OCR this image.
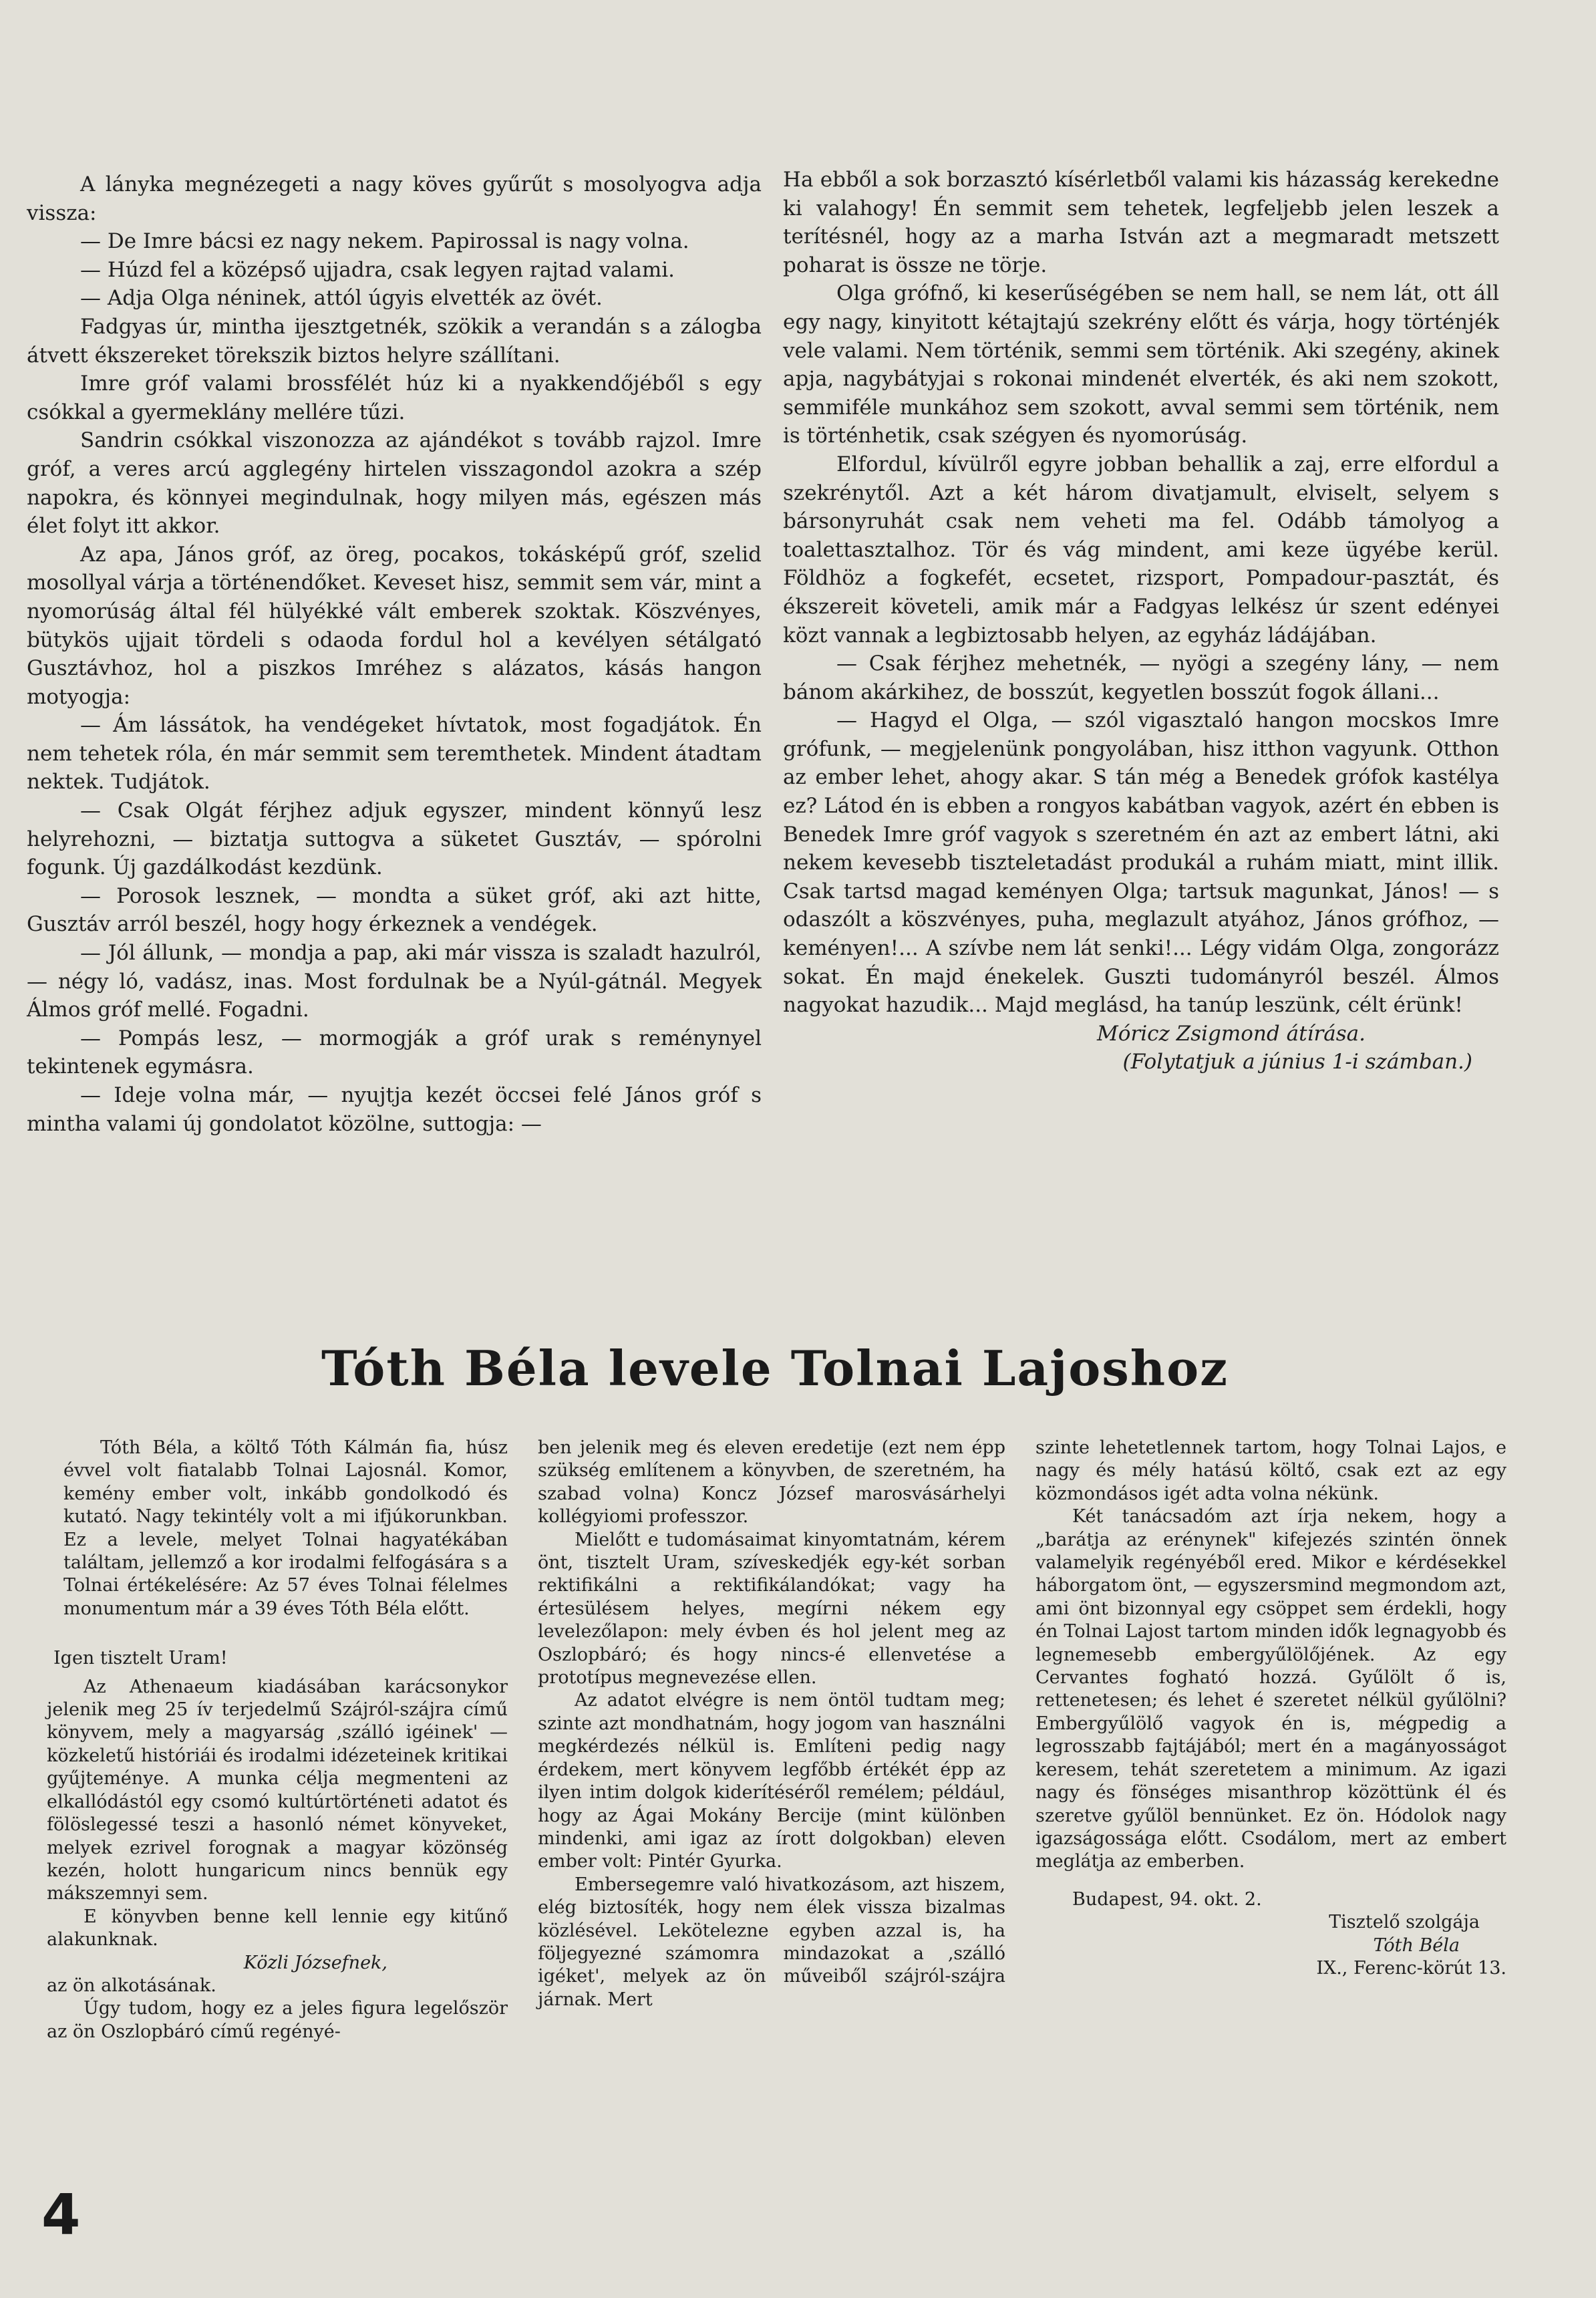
A lányka megnézegeti a nagy köves gyűrűt s mosolyogva adja vissza:

— De Imre bácsi ez nagy nekem. Papirossal is nagy volna.

— Húzd fel a középső ujjadra, csak legyen rajtad valami.

— Adja Olga néninek, attól úgyis elvették az övét.

Fadgyas úr, mintha ijesztgetnék, szökik a verandán s a zálogba átvett ékszereket törekszik biztos helyre szállítani.

Imre gróf valami brossfélét húz ki a nyakkendőjéből s egy csókkal a gyermeklány mellére tűzi.

Sandrin csókkal viszonozza az ajándékot s tovább rajzol. Imre gróf, a veres arcú agglegény hirtelen visszagondol azokra a szép napokra, és könnyei megindulnak, hogy milyen más, egészen más élet folyt itt akkor.

Az apa, János gróf, az öreg, pocakos, tokásképű gróf, szelid mosollyal várja a történendőket. Keveset hisz, semmit sem vár, mint a nyomorúság által fél hülyékké vált emberek szoktak. Köszvényes, bütykös ujjait tördeli s odaoda fordul hol a kevélyen sétálgató Gusztávhoz, hol a piszkos Imréhez s alázatos, kásás hangon motyogja:

— Ám lássátok, ha vendégeket hívtatok, most fogadjátok. Én nem tehetek róla, én már semmit sem teremthetek. Mindent átadtam nektek. Tudjátok.

— Csak Olgát férjhez adjuk egyszer, mindent könnyű lesz helyrehozni, — biztatja suttogva a süketet Gusztáv, — spórolni fogunk. Új gazdálkodást kezdünk.

— Porosok lesznek, — mondta a süket gróf, aki azt hitte, Gusztáv arról beszél, hogy hogy érkeznek a vendégek.

— Jól állunk, — mondja a pap, aki már vissza is szaladt hazulról, — négy ló, vadász, inas. Most fordulnak be a Nyúl-gátnál. Megyek Álmos gróf mellé. Fogadni.

— Pompás lesz, — mormogják a gróf urak s reménynyel tekintenek egymásra.

— Ideje volna már, — nyujtja kezét öccsei felé János gróf s mintha valami új gondolatot közölne, suttogja: —

Ha ebből a sok borzasztó kísérletből valami kis házasság kerekedne ki valahogy! Én semmit sem tehetek, legfeljebb jelen leszek a terítésnél, hogy az a marha István azt a megmaradt metszett poharat is össze ne törje.

Olga grófnő, ki keserűségében se nem hall, se nem lát, ott áll egy nagy, kinyitott kétajtajú szekrény előtt és várja, hogy történjék vele valami. Nem történik, semmi sem történik. Aki szegény, akinek apja, nagybátyjai s rokonai mindenét elverték, és aki nem szokott, semmiféle munkához sem szokott, avval semmi sem történik, nem is történhetik, csak szégyen és nyomorúság.

Elfordul, kívülről egyre jobban behallik a zaj, erre elfordul a szekrénytől. Azt a két három divatjamult, elviselt, selyem s bársonyruhát csak nem veheti ma fel. Odább támolyog a toalettasztalhoz. Tör és vág mindent, ami keze ügyébe kerül. Földhöz a fogkefét, ecsetet, rizsport, Pompadour-pasztát, és ékszereit követeli, amik már a Fadgyas lelkész úr szent edényei közt vannak a legbiztosabb helyen, az egyház ládájában.

— Csak férjhez mehetnék, — nyögi a szegény lány, — nem bánom akárkihez, de bosszút, kegyetlen bosszút fogok állani...

— Hagyd el Olga, — szól vigasztaló hangon mocskos Imre grófunk, — megjelenünk pongyolában, hisz itthon vagyunk. Otthon az ember lehet, ahogy akar. S tán még a Benedek grófok kastélya ez? Látod én is ebben a rongyos kabátban vagyok, azért én ebben is Benedek Imre gróf vagyok s szeretném én azt az embert látni, aki nekem kevesebb tiszteletadást produkál a ruhám miatt, mint illik. Csak tartsd magad keményen Olga; tartsuk magunkat, János! — s odaszólt a köszvényes, puha, meglazult atyához, János grófhoz, — keményen!... A szívbe nem lát senki!... Légy vidám Olga, zongorázz sokat. Én majd énekelek. Guszti tudományról beszél. Álmos nagyokat hazudik... Majd meglásd, ha tanúp leszünk, célt érünk!

Móricz Zsigmond átírása.

(Folytatjuk a június 1-i számban.)

Tóth Béla levele Tolnai Lajoshoz

Tóth Béla, a költő Tóth Kálmán fia, húsz évvel volt fiatalabb Tolnai Lajosnál. Komor, kemény ember volt, inkább gondolkodó és kutató. Nagy tekintély volt a mi ifjúkorunkban. Ez a levele, melyet Tolnai hagyatékában találtam, jellemző a kor irodalmi felfogására s a Tolnai értékelésére: Az 57 éves Tolnai félelmes monumentum már a 39 éves Tóth Béla előtt.

Igen tisztelt Uram!

Az Athenaeum kiadásában karácsonykor jelenik meg 25 ív terjedelmű Szájról-szájra című könyvem, mely a magyarság ‚szálló igéinek' — közkeletű históriái és irodalmi idézeteinek kritikai gyűjteménye. A munka célja megmenteni az elkallódástól egy csomó kultúrtörténeti adatot és fölöslegessé teszi a hasonló német könyveket, melyek ezrivel forognak a magyar közönség kezén, holott hungaricum nincs bennük egy mákszemnyi sem.

E könyvben benne kell lennie egy kitűnő alakunknak.

Közli Józsefnek,

az ön alkotásának.

Úgy tudom, hogy ez a jeles figura legelőször az ön Oszlopbáró című regényé-

ben jelenik meg és eleven eredetije (ezt nem épp szükség említenem a könyvben, de szeretném, ha szabad volna) Koncz József marosvásárhelyi kollégyiomi professzor.

Mielőtt e tudomásaimat kinyomtatnám, kérem önt, tisztelt Uram, szíveskedjék egy-két sorban rektifikálni a rektifikálandókat; vagy ha értesülésem helyes, megírni nékem egy levelezőlapon: mely évben és hol jelent meg az Oszlopbáró; és hogy nincs-é ellenvetése a prototípus megnevezése ellen.

Az adatot elvégre is nem öntöl tudtam meg; szinte azt mondhatnám, hogy jogom van használni megkérdezés nélkül is. Említeni pedig nagy érdekem, mert könyvem legfőbb értékét épp az ilyen intim dolgok kiderítéséről remélem; például, hogy az Ágai Mokány Bercije (mint különben mindenki, ami igaz az írott dolgokban) eleven ember volt: Pintér Gyurka.

Embersegemre való hivatkozásom, azt hiszem, elég biztosíték, hogy nem élek vissza bizalmas közlésével. Lekötelezne egyben azzal is, ha följegyezné számomra mindazokat a ‚szálló igéket', melyek az ön műveiből szájról-szájra járnak. Mert

szinte lehetetlennek tartom, hogy Tolnai Lajos, e nagy és mély hatású költő, csak ezt az egy közmondásos igét adta volna nékünk.

Két tanácsadóm azt írja nekem, hogy a „barátja az erénynek" kifejezés szintén önnek valamelyik regényéből ered. Mikor e kérdésekkel háborgatom önt, — egyszersmind megmondom azt, ami önt bizonnyal egy csöppet sem érdekli, hogy én Tolnai Lajost tartom minden idők legnagyobb és legnemesebb embergyűlölőjének. Az egy Cervantes fogható hozzá. Gyűlölt ő is, rettenetesen; és lehet é szeretet nélkül gyűlölni? Embergyűlölő vagyok én is, mégpedig a legrosszabb fajtájából; mert én a magányosságot keresem, tehát szeretetem a minimum. Az igazi nagy és fönséges misanthrop közöttünk él és szeretve gyűlöl bennünket. Ez ön. Hódolok nagy igazságossága előtt. Csodálom, mert az embert meglátja az emberben.

Budapest, 94. okt. 2.

Tisztelő szolgája

Tóth Béla

IX., Ferenc-körút 13.

4
